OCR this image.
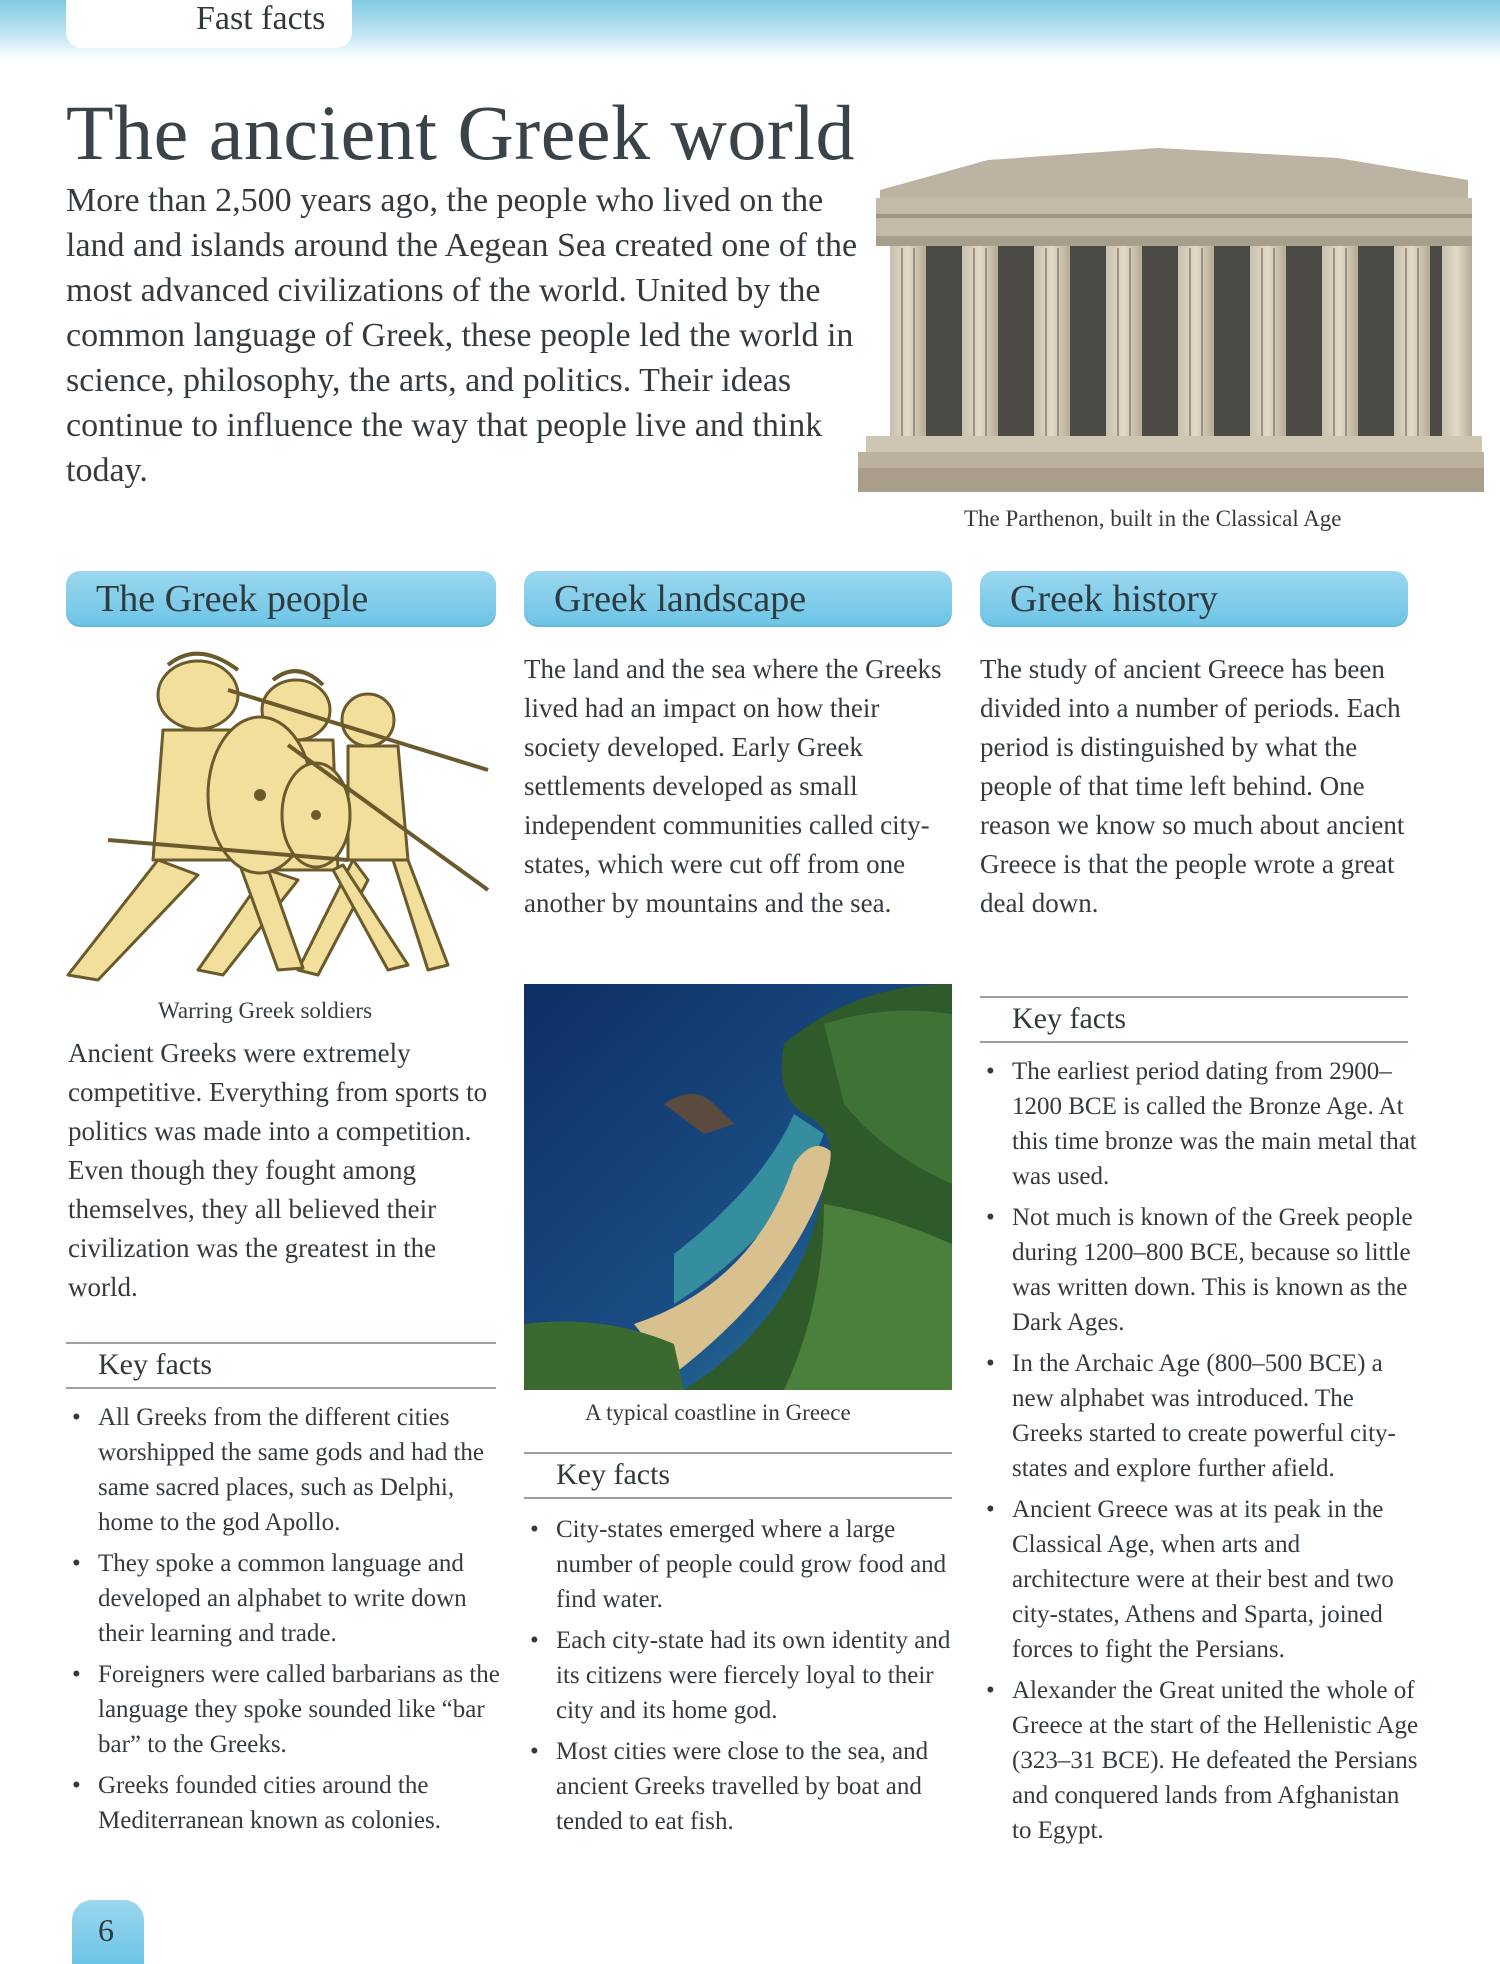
Fast facts
The ancient Greek world
More than 2,500 years ago, the people who lived on the land and islands around the Aegean Sea created one of the most advanced civilizations of the world. United by the common language of Greek, these people led the world in science, philosophy, the arts, and politics. Their ideas continue to influence the way that people live and think today.
The Parthenon, built in the Classical Age
The Greek people	Greek landscape	Greek history
Warring Greek soldiers
Ancient Greeks were extremely competitive. Everything from sports to politics was made into a competition. Even though they fought among themselves, they all believed their civilization was the greatest in the world.
Key facts
• All Greeks from the different cities worshipped the same gods and had the same sacred places, such as Delphi, home to the god Apollo.
• They spoke a common language and developed an alphabet to write down their learning and trade.
• Foreigners were called barbarians as the language they spoke sounded like “bar bar” to the Greeks.
• Greeks founded cities around the Mediterranean known as colonies.
The land and the sea where the Greeks lived had an impact on how their society developed. Early Greek settlements developed as small independent communities called city-states, which were cut off from one another by mountains and the sea.
A typical coastline in Greece
Key facts
• City-states emerged where a large number of people could grow food and find water.
• Each city-state had its own identity and its citizens were fiercely loyal to their city and its home god.
• Most cities were close to the sea, and ancient Greeks travelled by boat and tended to eat fish.
The study of ancient Greece has been divided into a number of periods. Each period is distinguished by what the people of that time left behind. One reason we know so much about ancient Greece is that the people wrote a great deal down.
Key facts
• The earliest period dating from 2900–1200 BCE is called the Bronze Age. At this time bronze was the main metal that was used.
• Not much is known of the Greek people during 1200–800 BCE, because so little was written down. This is known as the Dark Ages.
• In the Archaic Age (800–500 BCE) a new alphabet was introduced. The Greeks started to create powerful city-states and explore further afield.
• Ancient Greece was at its peak in the Classical Age, when arts and architecture were at their best and two city-states, Athens and Sparta, joined forces to fight the Persians.
• Alexander the Great united the whole of Greece at the start of the Hellenistic Age (323–31 BCE). He defeated the Persians and conquered lands from Afghanistan to Egypt.
6
